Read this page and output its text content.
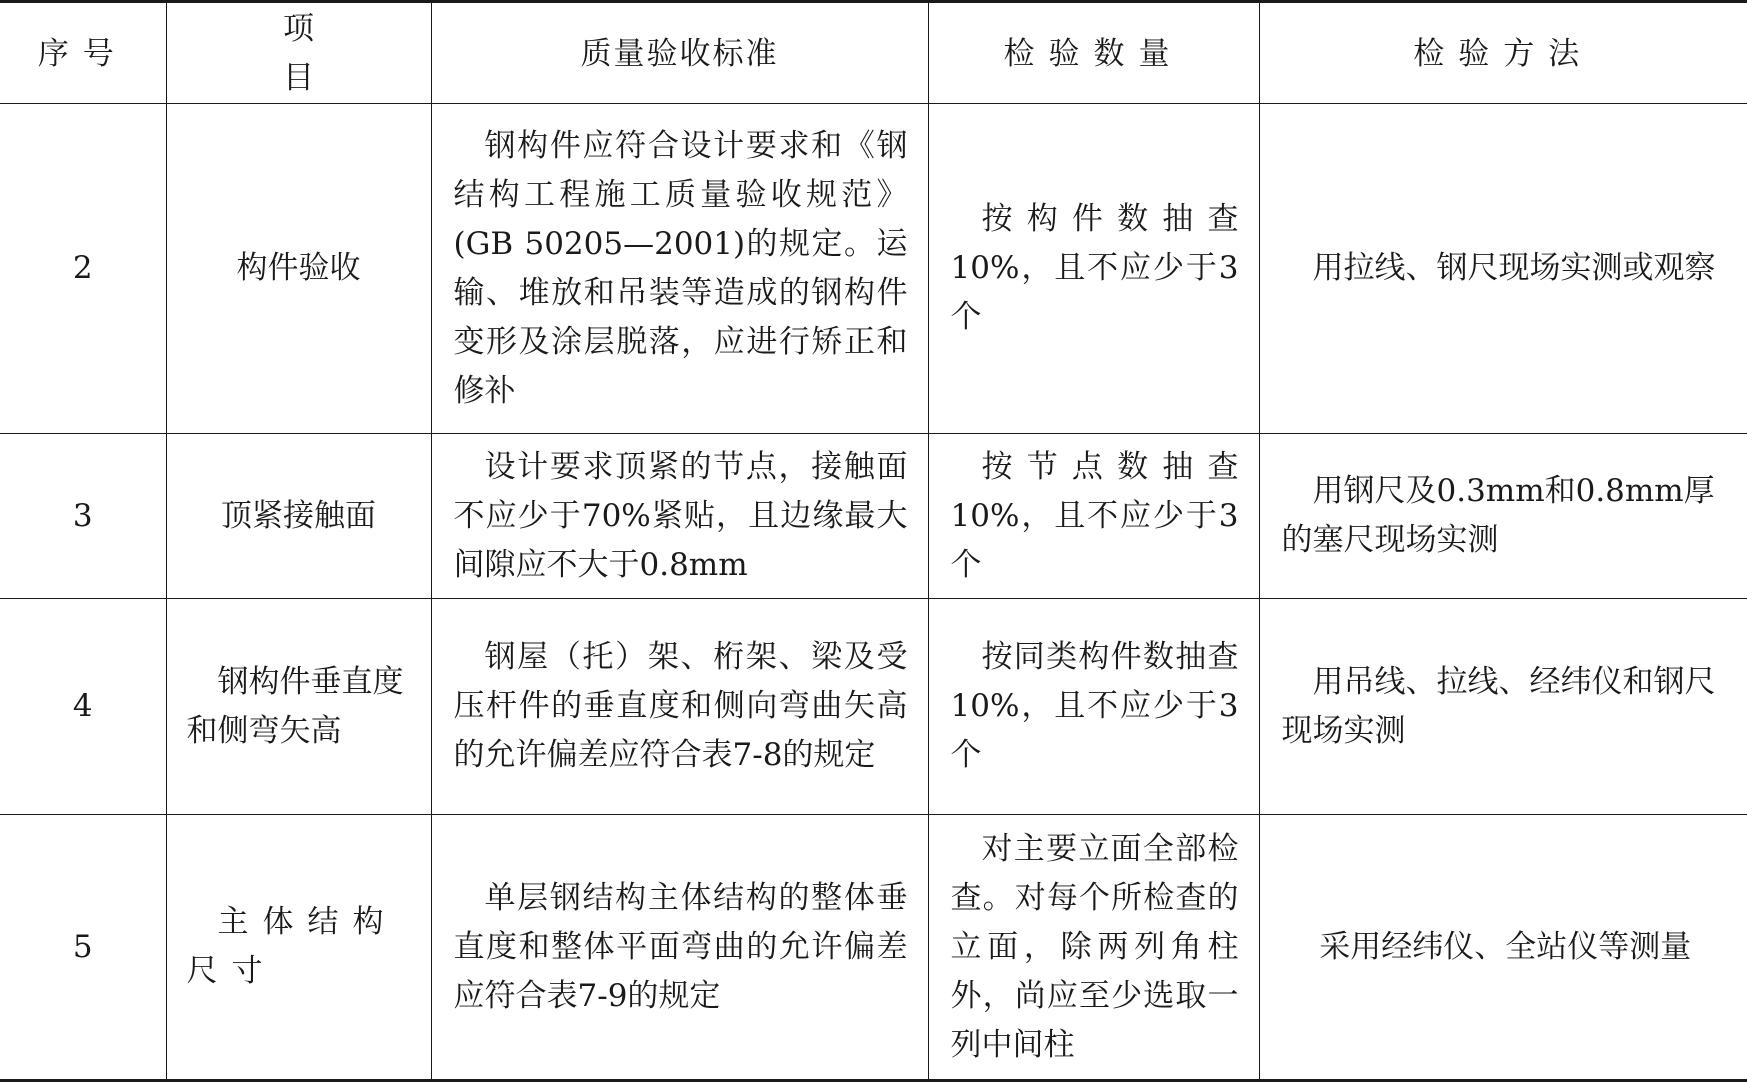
序号	项目	质量验收标准	检验数量	检验方法
2	构件验收	钢构件应符合设计要求和《钢结构工程施工质量验收规范》(GB 50205—2001)的规定。运输、堆放和吊装等造成的钢构件变形及涂层脱落，应进行矫正和修补	按构件数抽查10%，且不应少于3个	用拉线、钢尺现场实测或观察
3	顶紧接触面	设计要求顶紧的节点，接触面不应少于70%紧贴，且边缘最大间隙应不大于0.8mm	按节点数抽查10%，且不应少于3个	用钢尺及0.3mm和0.8mm厚的塞尺现场实测
4	钢构件垂直度和侧弯矢高	钢屋（托）架、桁架、梁及受压杆件的垂直度和侧向弯曲矢高的允许偏差应符合表7-8的规定	按同类构件数抽查10%，且不应少于3个	用吊线、拉线、经纬仪和钢尺现场实测
5	主体结构尺寸	单层钢结构主体结构的整体垂直度和整体平面弯曲的允许偏差应符合表7-9的规定	对主要立面全部检查。对每个所检查的立面，除两列角柱外，尚应至少选取一列中间柱	采用经纬仪、全站仪等测量
